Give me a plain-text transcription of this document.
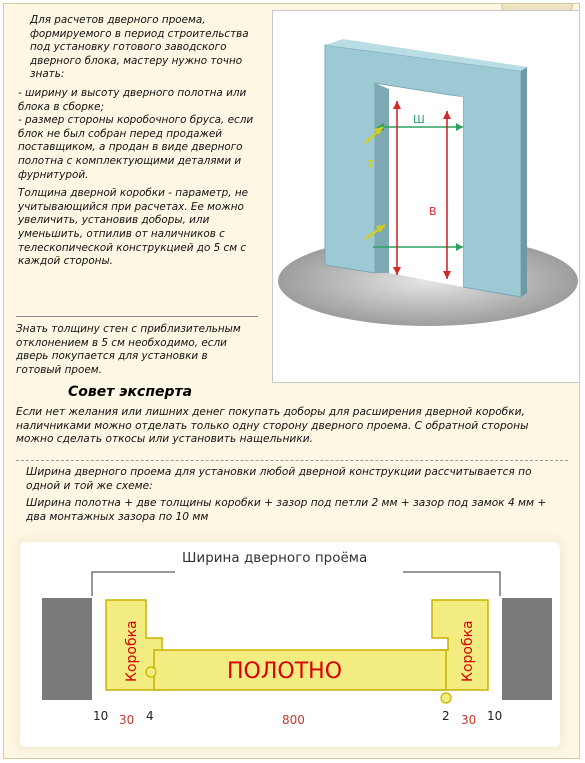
Для расчетов дверного проема, формируемого в период строительства под установку готового заводского дверного блока, мастеру нужно точно знать:

- ширину и высоту дверного полотна или блока в сборке;

- размер стороны коробочного бруса, если блок не был собран перед продажей поставщиком, а продан в виде дверного полотна с комплектующими деталями и фурнитурой.

Толщина дверной коробки - параметр, не учитывающийся при расчетах. Ее можно увеличить, установив доборы, или уменьшить, отпилив от наличников с телескопической конструкцией до 5 см с каждой стороны.

Знать толщину стен с приблизительным отклонением в 5 см необходимо, если дверь покупается для установки в готовый проем.
Ш
В
Т
Совет эксперта
Если нет желания или лишних денег покупать доборы для расширения дверной коробки, наличниками можно отделать только одну сторону дверного проема. С обратной стороны можно сделать откосы или установить нащельники.

Ширина дверного проема для установки любой дверной конструкции рассчитывается по одной и той же схеме:

Ширина полотна + две толщины коробки + зазор под петли 2 мм + зазор под замок 4 мм + два монтажных зазора по 10 мм

Ширина дверного проёма
Коробка	Коробка
ПОЛОТНО
10 30 4	800	2 30 10
